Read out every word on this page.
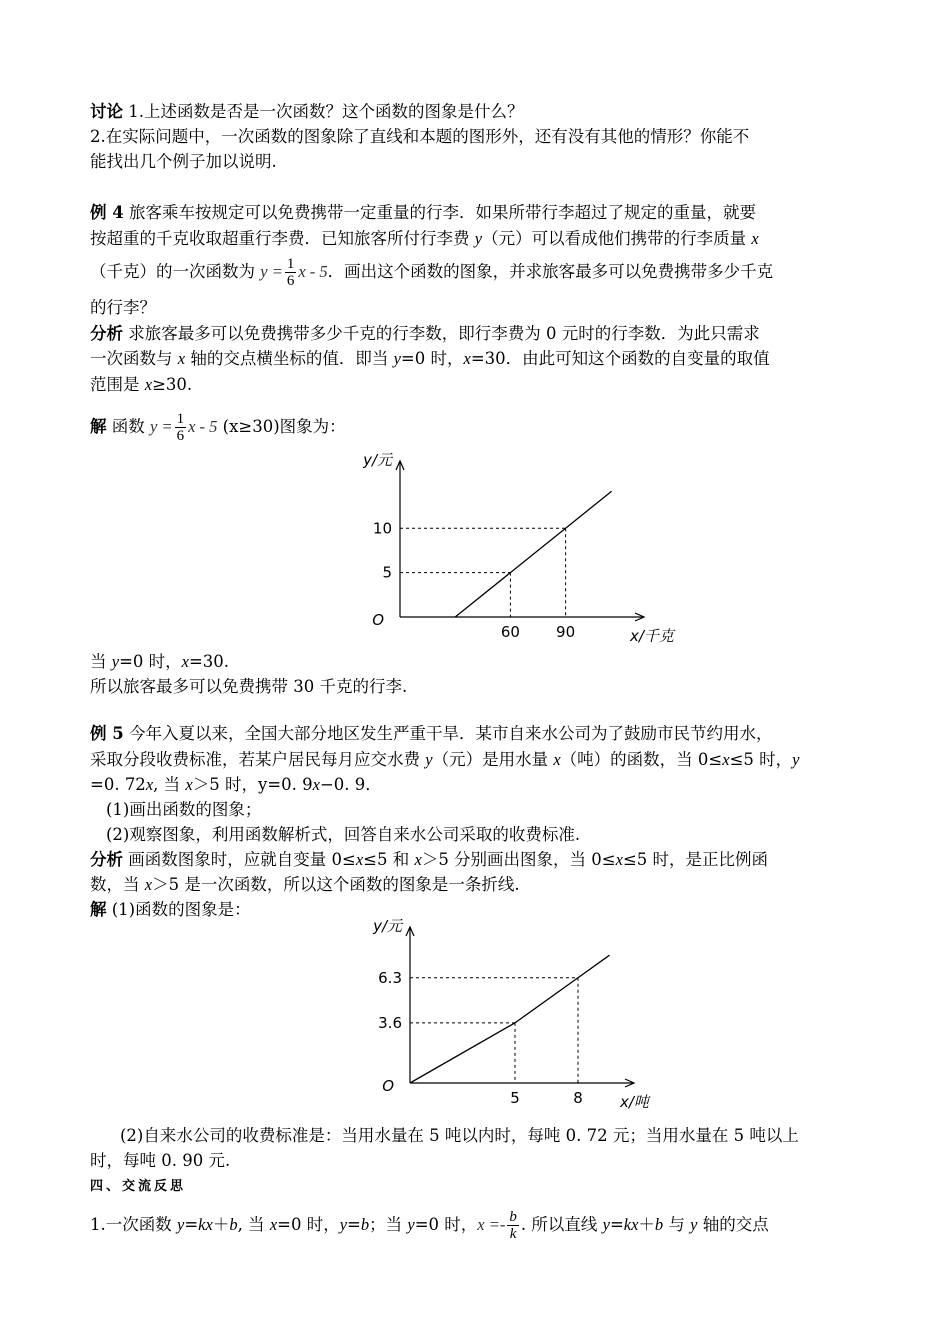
讨论 1.上述函数是否是一次函数？这个函数的图象是什么？
2.在实际问题中，一次函数的图象除了直线和本题的图形外，还有没有其他的情形？你能不
能找出几个例子加以说明.
例 4 旅客乘车按规定可以免费携带一定重量的行李．如果所带行李超过了规定的重量，就要
按超重的千克收取超重行李费．已知旅客所付行李费 y（元）可以看成他们携带的行李质量 x
（千克）的一次函数为 $y = \frac{1}{6}$ x - 5．画出这个函数的图象，并求旅客最多可以免费携带多少千克
的行李？
分析 求旅客最多可以免费携带多少千克的行李数，即行李费为 0 元时的行李数．为此只需求
一次函数与 x 轴的交点横坐标的值．即当 y=0 时，x=30．由此可知这个函数的自变量的取值
范围是 x≥30.
解 函数 $y = \frac{1}{6}$ x - 5 (x≥30)图象为：
60 90
5
10
O
x/千克
y/元
当 y=0 时，x=30.
所以旅客最多可以免费携带 30 千克的行李.
例 5 今年入夏以来，全国大部分地区发生严重干旱．某市自来水公司为了鼓励市民节约用水，
采取分段收费标准，若某户居民每月应交水费 y（元）是用水量 x（吨）的函数，当 0≤x≤5 时，y
=0. 72x, 当 x＞5 时，y=0. 9x−0. 9．
(1)画出函数的图象；
(2)观察图象，利用函数解析式，回答自来水公司采取的收费标准.
分析 画函数图象时，应就自变量 0≤x≤5 和 x＞5 分别画出图象，当 0≤x≤5 时，是正比例函
数，当 x＞5 是一次函数，所以这个函数的图象是一条折线.
解 (1)函数的图象是：
5	8
3.6
6.3
O
x/吨
y/元
(2)自来水公司的收费标准是：当用水量在 5 吨以内时，每吨 0. 72 元；当用水量在 5 吨以上
时，每吨 0. 90 元.
四、交流反思
1.一次函数 y=kx＋b, 当 x=0 时，y=b；当 y=0 时，$x =- \frac{b}{k}$ . 所以直线 y=kx＋b 与 y 轴的交点
